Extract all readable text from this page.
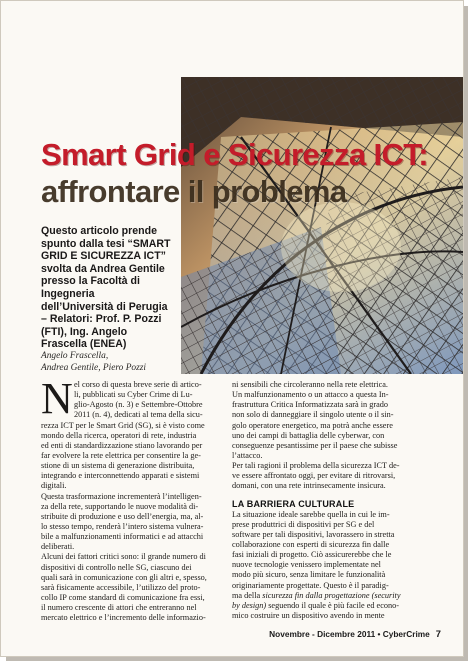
Smart Grid e Sicurezza ICT:
affrontare il problema

Questo articolo prende
spunto dalla tesi “SMART
GRID E SICUREZZA ICT”
svolta da Andrea Gentile
presso la Facoltà di
Ingegneria
dell’Università di Perugia
– Relatori: Prof. P. Pozzi
(FTI), Ing. Angelo
Frascella (ENEA)

Angelo Frascella,
Andrea Gentile, Piero Pozzi
N el corso di questa breve serie di artico-
li, pubblicati su Cyber Crime di Lu-
glio-Agosto (n. 3) e Settembre-Ottobre
2011 (n. 4), dedicati al tema della sicu-
rezza ICT per le Smart Grid (SG), si è visto come
mondo della ricerca, operatori di rete, industria
ed enti di standardizzazione stiano lavorando per
far evolvere la rete elettrica per consentire la ge-
stione di un sistema di generazione distribuita,
integrando e interconnettendo apparati e sistemi
digitali.
Questa trasformazione incrementerà l’intelligen-
za della rete, supportando le nuove modalità di-
stribuite di produzione e uso dell’energia, ma, al-
lo stesso tempo, renderà l’intero sistema vulnera-
bile a malfunzionamenti informatici e ad attacchi
deliberati.
Alcuni dei fattori critici sono: il grande numero di
dispositivi di controllo nelle SG, ciascuno dei
quali sarà in comunicazione con gli altri e, spesso,
sarà fisicamente accessibile, l’utilizzo del proto-
collo IP come standard di comunicazione fra essi,
il numero crescente di attori che entreranno nel
mercato elettrico e l’incremento delle informazio-
ni sensibili che circoleranno nella rete elettrica.
Un malfunzionamento o un attacco a questa In-
frastruttura Critica Informatizzata sarà in grado
non solo di danneggiare il singolo utente o il sin-
golo operatore energetico, ma potrà anche essere
uno dei campi di battaglia delle cyberwar, con
conseguenze pesantissime per il paese che subisse
l’attacco.
Per tali ragioni il problema della sicurezza ICT de-
ve essere affrontato oggi, per evitare di ritrovarsi,
domani, con una rete intrinsecamente insicura.
LA BARRIERA CULTURALE
La situazione ideale sarebbe quella in cui le im-
prese produttrici di dispositivi per SG e del
software per tali dispositivi, lavorassero in stretta
collaborazione con esperti di sicurezza fin dalle
fasi iniziali di progetto. Ciò assicurerebbe che le
nuove tecnologie venissero implementate nel
modo più sicuro, senza limitare le funzionalità
originariamente progettate. Questo è il paradig-
ma della sicurezza fin dalla progettazione (security
by design) seguendo il quale è più facile ed econo-
mico costruire un dispositivo avendo in mente
Novembre - Dicembre 2011 • CyberCrime 7
